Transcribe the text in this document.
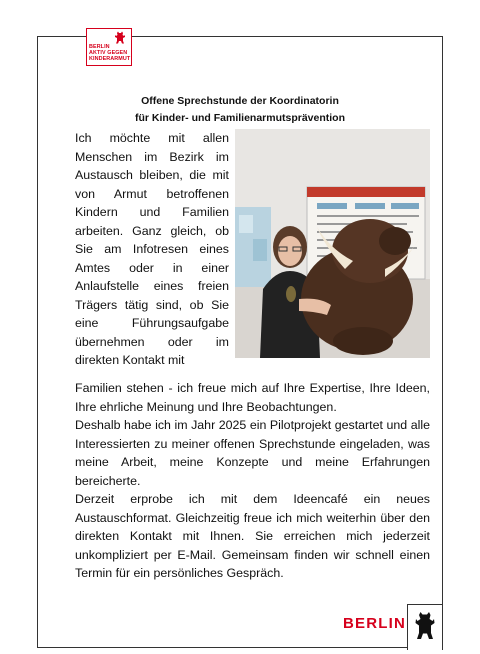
BERLIN
AKTIV GEGEN
KINDERARMUT
Offene Sprechstunde der Koordinatorin
für Kinder- und Familienarmutsprävention

Ich möchte mit allen Menschen im Bezirk im Austausch bleiben, die mit von Armut betroffenen Kindern und Familien arbeiten. Ganz gleich, ob Sie am Infotresen eines Amtes oder in einer Anlaufstelle eines freien Trägers tätig sind, ob Sie eine Führungsaufgabe übernehmen oder im direkten Kontakt mit

Familien stehen - ich freue mich auf Ihre Expertise, Ihre Ideen, Ihre ehrliche Meinung und Ihre Beobachtungen.

Deshalb habe ich im Jahr 2025 ein Pilotprojekt gestartet und alle Interessierten zu meiner offenen Sprechstunde eingeladen, was meine Arbeit, meine Konzepte und meine Erfahrungen bereicherte.

Derzeit erprobe ich mit dem Ideencafé ein neues Austauschformat. Gleichzeitig freue ich mich weiterhin über den direkten Kontakt mit Ihnen. Sie erreichen mich jederzeit unkompliziert per E-Mail. Gemeinsam finden wir schnell einen Termin für ein persönliches Gespräch.

BERLIN
